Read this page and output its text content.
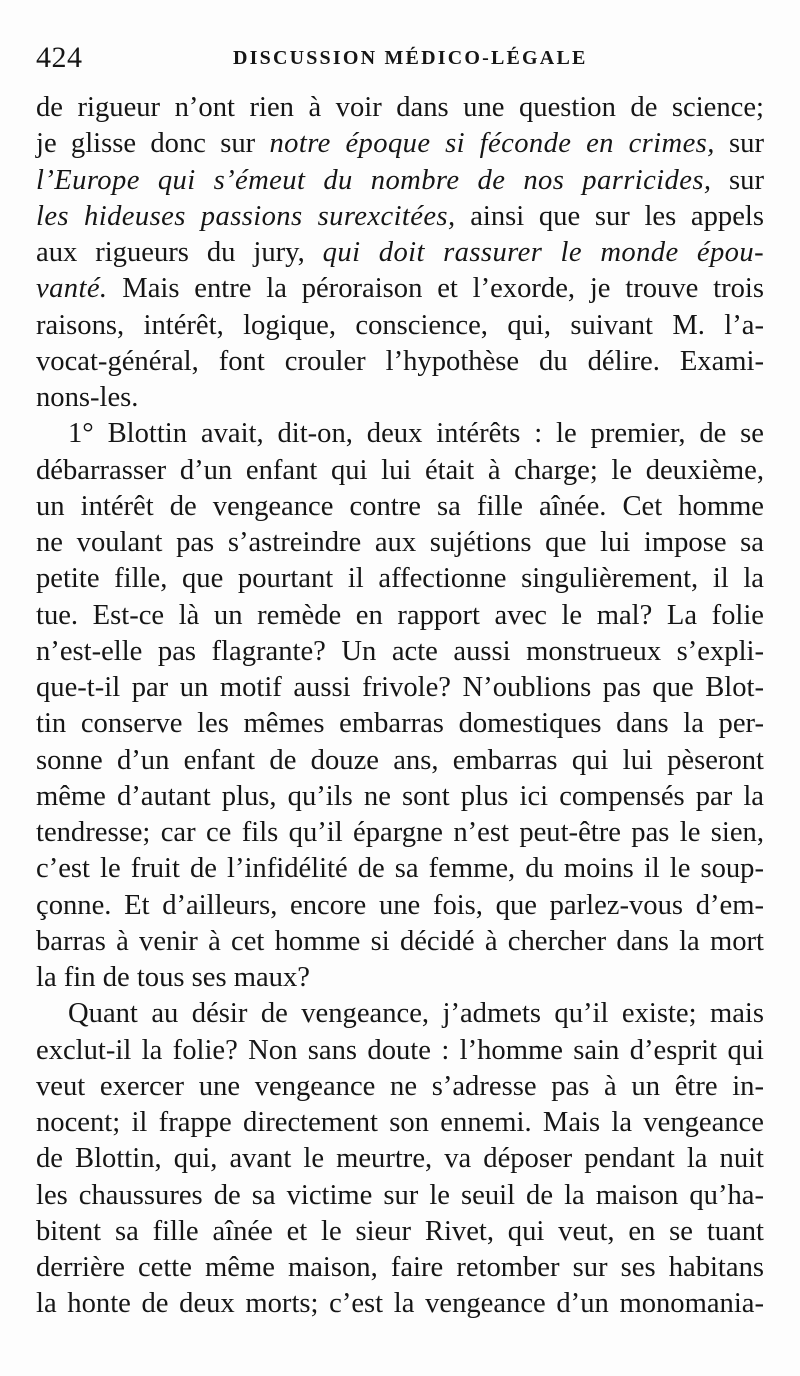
424	DISCUSSION MÉDICO-LÉGALE
de rigueur n’ont rien à voir dans une question de science;
je glisse donc sur notre époque si féconde en crimes, sur
l’Europe qui s’émeut du nombre de nos parricides, sur
les hideuses passions surexcitées, ainsi que sur les appels
aux rigueurs du jury, qui doit rassurer le monde épou-
vanté. Mais entre la péroraison et l’exorde, je trouve trois
raisons, intérêt, logique, conscience, qui, suivant M. l’a-
vocat-général, font crouler l’hypothèse du délire. Exami-
nons-les.
1° Blottin avait, dit-on, deux intérêts : le premier, de se
débarrasser d’un enfant qui lui était à charge; le deuxième,
un intérêt de vengeance contre sa fille aînée. Cet homme
ne voulant pas s’astreindre aux sujétions que lui impose sa
petite fille, que pourtant il affectionne singulièrement, il la
tue. Est-ce là un remède en rapport avec le mal? La folie
n’est-elle pas flagrante? Un acte aussi monstrueux s’expli-
que-t-il par un motif aussi frivole? N’oublions pas que Blot-
tin conserve les mêmes embarras domestiques dans la per-
sonne d’un enfant de douze ans, embarras qui lui pèseront
même d’autant plus, qu’ils ne sont plus ici compensés par la
tendresse; car ce fils qu’il épargne n’est peut-être pas le sien,
c’est le fruit de l’infidélité de sa femme, du moins il le soup-
çonne. Et d’ailleurs, encore une fois, que parlez-vous d’em-
barras à venir à cet homme si décidé à chercher dans la mort
la fin de tous ses maux?
Quant au désir de vengeance, j’admets qu’il existe; mais
exclut-il la folie? Non sans doute : l’homme sain d’esprit qui
veut exercer une vengeance ne s’adresse pas à un être in-
nocent; il frappe directement son ennemi. Mais la vengeance
de Blottin, qui, avant le meurtre, va déposer pendant la nuit
les chaussures de sa victime sur le seuil de la maison qu’ha-
bitent sa fille aînée et le sieur Rivet, qui veut, en se tuant
derrière cette même maison, faire retomber sur ses habitans
la honte de deux morts; c’est la vengeance d’un monomania-
